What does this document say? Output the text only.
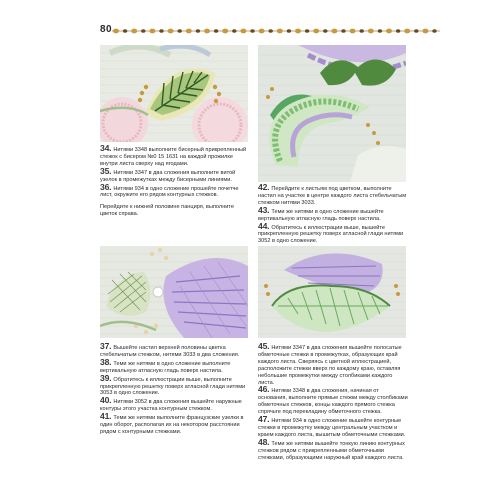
80

34. Нитями 3348 выполните бисерный прикрепленный стежок с бисером №0 15 1631 на каждой прожилке внутри листа сверху над ягодами.

35. Нитями 3347 в два сложения выполните витой узелок в промежутках между бисерными линиями.

36. Нитями 934 в одно сложение прошейте почетче лист, окружите его рядом контурных стежков.

Перейдите к нижней половине панциря, выполните цветок справа.

37. Вышейте настил верхней половины цветка стебельчатым стежком, нитями 3033 в два сложения.

38. Теми же нитями в одно сложение выполните вертикальную атласную гладь поверх настила.

39. Обратитесь к иллюстрации выше, выполните прикрепленную решетку поверх атласной глади нитями 3053 в одно сложение.

40. Нитями 3052 в два сложения вышейте наружные контуры этого участка контурным стежком.

41. Теми же нитями выполните французские узелки в один оборот, располагая их на некотором расстоянии рядом с контурными стежками.

42. Перейдите к листьям под цветком, выполните настил на участке в центре каждого листа стебельчатым стежком нитями 3033.

43. Теми же нитями в одно сложение вышейте вертикальную атласную гладь поверх настила.

44. Обратитесь к иллюстрации выше, вышейте прикрепленную решетку поверх атласной глади нитями 3052 в одно сложение.

45. Нитями 3347 в два сложения вышейте полосатые обметочные стежки в промежутках, образующих край каждого листа. Сверяясь с цветной иллюстрацией, расположите стежки вверх по каждому краю, оставляя небольшие промежутки между столбиками каждого листа.

46. Нитями 3348 в два сложения, начиная от основания, выполните прямые стежки между столбиками обметочных стежков, концы каждого прямого стежка спрячьте под перекладину обметочного стежка.

47. Нитями 934 в одно сложение вышейте контурные стежки в промежутку между центральным участком и краем каждого листа, вышитым обметочными стежками.

48. Теми же нитями вышейте тонкую линию контурных стежков рядом с прикрепленными обметочными стежками, образующими наружный край каждого листа.
